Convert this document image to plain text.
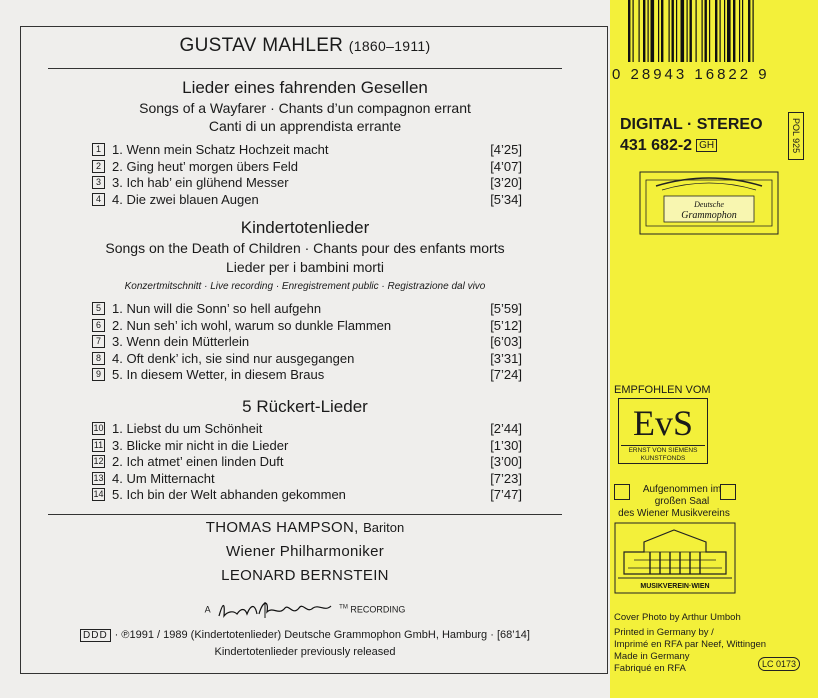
GUSTAV MAHLER (1860–1911)
Lieder eines fahrenden Gesellen
Songs of a Wayfarer · Chants d’un compagnon errant
Canti di un apprendista errante
1 1. Wenn mein Schatz Hochzeit macht	[4’25]
2 2. Ging heut’ morgen übers Feld	[4’07]
3 3. Ich hab’ ein glühend Messer	[3’20]
4 4. Die zwei blauen Augen	[5’34]
Kindertotenlieder
Songs on the Death of Children · Chants pour des enfants morts
Lieder per i bambini morti
Konzertmitschnitt · Live recording · Enregistrement public · Registrazione dal vivo
5 1. Nun will die Sonn’ so hell aufgehn	[5’59]
6 2. Nun seh’ ich wohl, warum so dunkle Flammen	[5’12]
7 3. Wenn dein Mütterlein	[6’03]
8 4. Oft denk’ ich, sie sind nur ausgegangen	[3’31]
9 5. In diesem Wetter, in diesem Braus	[7’24]
5 Rückert-Lieder
10 1. Liebst du um Schönheit	[2’44]
11 3. Blicke mir nicht in die Lieder	[1’30]
12 2. Ich atmet’ einen linden Duft	[3’00]
13 4. Um Mitternacht	[7’23]
14 5. Ich bin der Welt abhanden gekommen	[7’47]
THOMAS HAMPSON, Bariton
Wiener Philharmoniker
LEONARD BERNSTEIN
A	™ RECORDING
DDD · ℗1991 / 1989 (Kindertotenlieder) Deutsche Grammophon GmbH, Hamburg · [68’14]
Kindertotenlieder previously released
0 28943 16822 9
DIGITAL · STEREO
431 682-2 GH	POL 925
Deutsche
Grammophon
EMPFOHLEN VOM
EvS
ERNST VON SIEMENS KUNSTFONDS
Aufgenommen im großen Saal
des Wiener Musikvereins
MUSIKVEREIN·WIEN
Cover Photo by Arthur Umboh
Printed in Germany by /
Imprimé en RFA par Neef, Wittingen
Made in Germany
Fabriqué en RFA	LC 0173
